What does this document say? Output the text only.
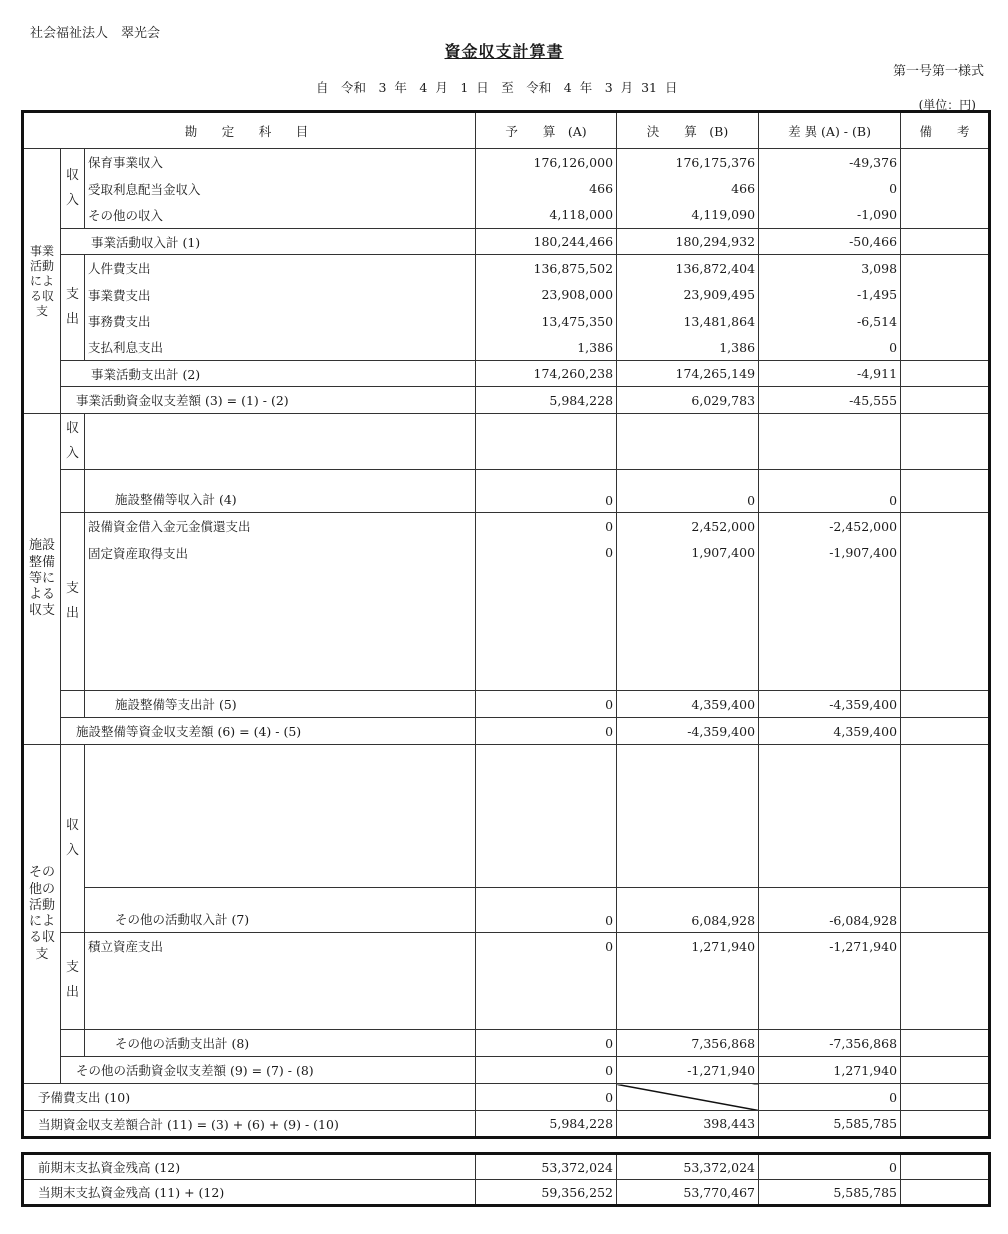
社会福祉法人　翠光会
資金収支計算書
第一号第一様式
自　令和　3 年　4 月　1 日　至　令和　4 年　3 月 31 日
(単位：円)
勘　定　科　目			予　　算　(A)	決　　算　(B)	差 異 (A) - (B)	備　　考
事業活動による収支	収入	保育事業収入	176,126,000	176,175,376	-49,376	
		受取利息配当金収入	466	466	0	
		その他の収入	4,118,000	4,119,090	-1,090	
	事業活動収入計 (1)		180,244,466	180,294,932	-50,466	
	支出	人件費支出	136,875,502	136,872,404	3,098	
		事業費支出	23,908,000	23,909,495	-1,495	
		事務費支出	13,475,350	13,481,864	-6,514	
		支払利息支出	1,386	1,386	0	
	事業活動支出計 (2)		174,260,238	174,265,149	-4,911	
	事業活動資金収支差額 (3) = (1) - (2)		5,984,228	6,029,783	-45,555	
施設整備等による収支	収入					
		施設整備等収入計 (4)	0	0	0	
	支出	設備資金借入金元金償還支出	0	2,452,000	-2,452,000	
		固定資産取得支出	0	1,907,400	-1,907,400	

		施設整備等支出計 (5)	0	4,359,400	-4,359,400	
	施設整備等資金収支差額 (6) = (4) - (5)		0	-4,359,400	4,359,400	
その他の活動による収支	収入					
		その他の活動収入計 (7)	0	6,084,928	-6,084,928	
	支出	積立資産支出	0	1,271,940	-1,271,940	

		その他の活動支出計 (8)	0	7,356,868	-7,356,868	
	その他の活動資金収支差額 (9) = (7) - (8)		0	-1,271,940	1,271,940	
予備費支出 (10)			0		0	
当期資金収支差額合計 (11) = (3) + (6) + (9) - (10)			5,984,228	398,443	5,585,785	
前期末支払資金残高 (12)	53,372,024	53,372,024	0	
当期末支払資金残高 (11) + (12)	59,356,252	53,770,467	5,585,785	
